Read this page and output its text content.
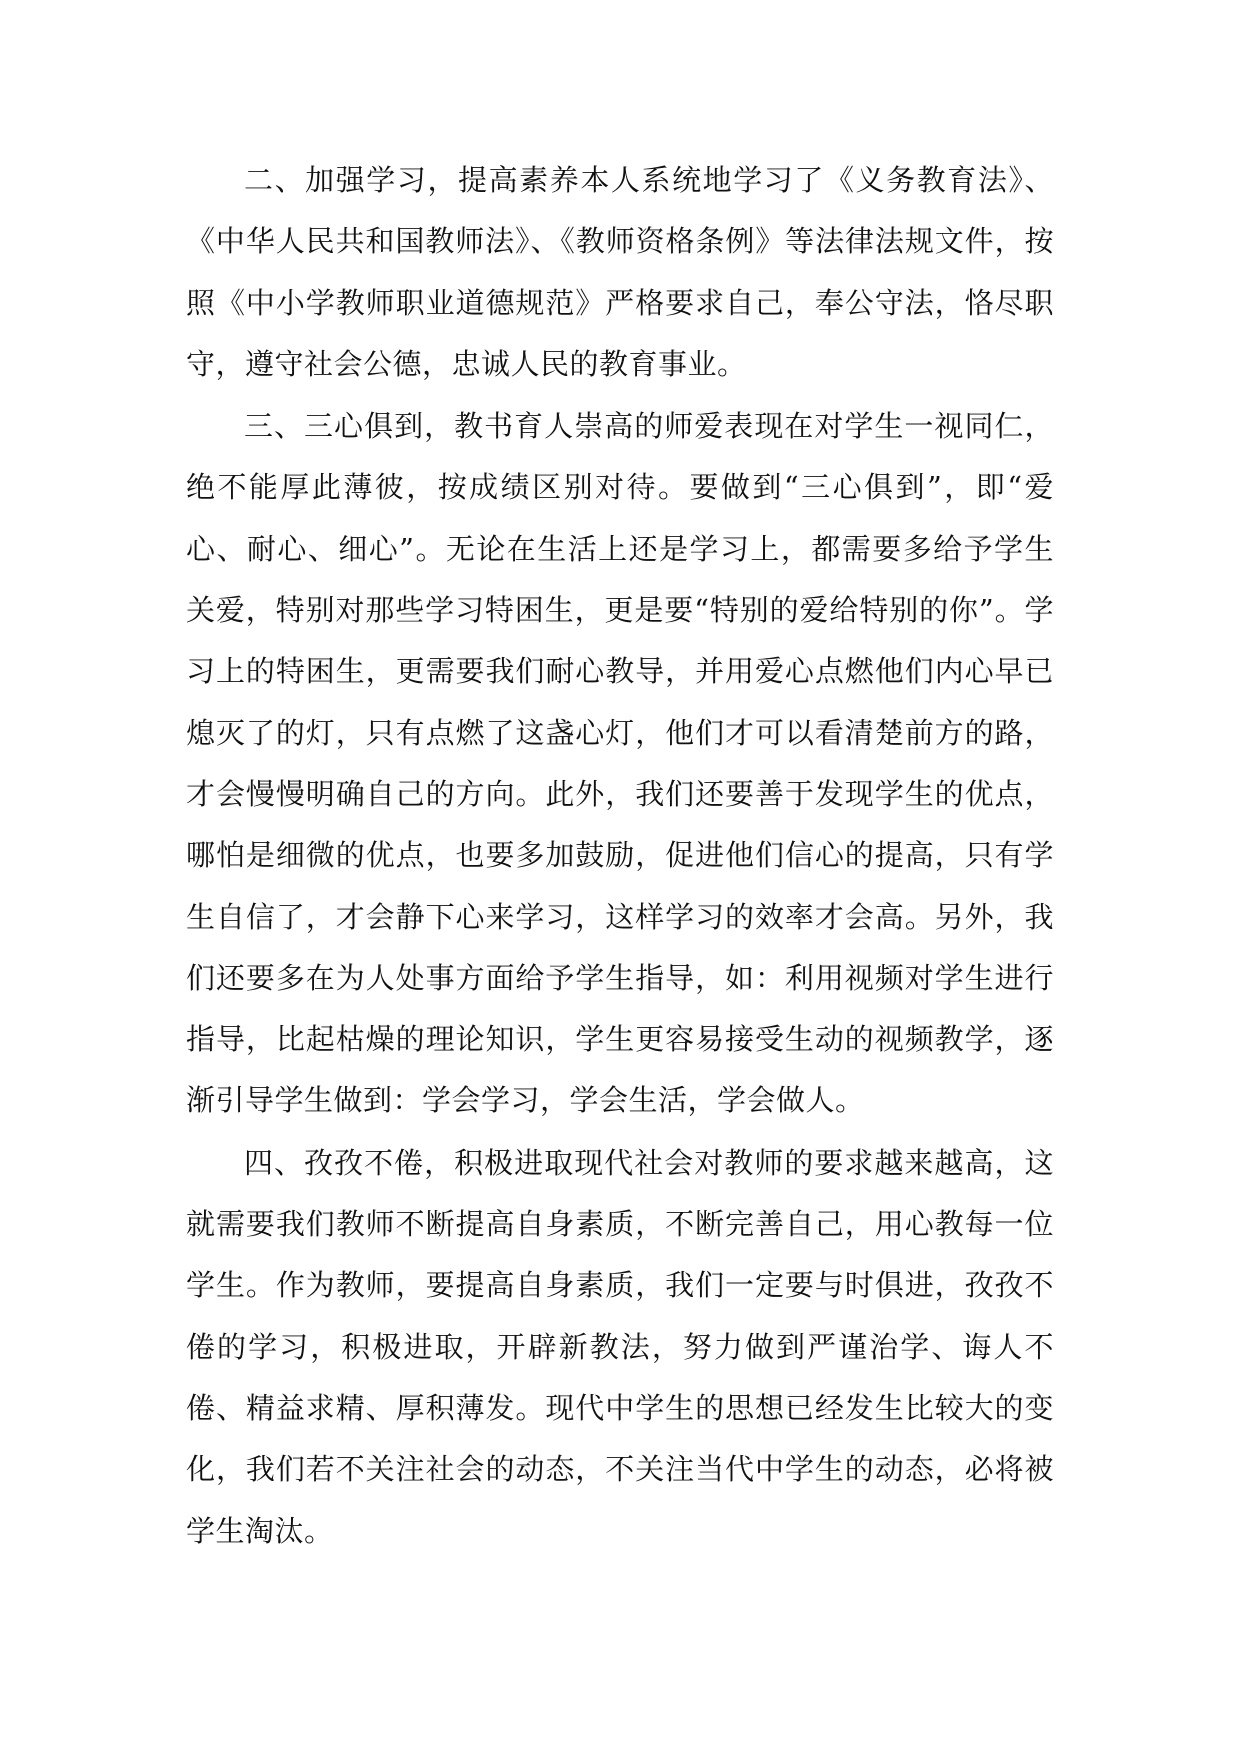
二、加强学习，提高素养本人系统地学习了《义务教育法》、《中华人民共和国教师法》、《教师资格条例》等法律法规文件，按照《中小学教师职业道德规范》严格要求自己，奉公守法，恪尽职守，遵守社会公德，忠诚人民的教育事业。

三、三心俱到，教书育人崇高的师爱表现在对学生一视同仁，绝不能厚此薄彼，按成绩区别对待。要做到“三心俱到”，即“爱心、耐心、细心”。无论在生活上还是学习上，都需要多给予学生关爱，特别对那些学习特困生，更是要“特别的爱给特别的你”。学习上的特困生，更需要我们耐心教导，并用爱心点燃他们内心早已熄灭了的灯，只有点燃了这盏心灯，他们才可以看清楚前方的路，才会慢慢明确自己的方向。此外，我们还要善于发现学生的优点，哪怕是细微的优点，也要多加鼓励，促进他们信心的提高，只有学生自信了，才会静下心来学习，这样学习的效率才会高。另外，我们还要多在为人处事方面给予学生指导，如：利用视频对学生进行指导，比起枯燥的理论知识，学生更容易接受生动的视频教学，逐渐引导学生做到：学会学习，学会生活，学会做人。

四、孜孜不倦，积极进取现代社会对教师的要求越来越高，这就需要我们教师不断提高自身素质，不断完善自己，用心教每一位学生。作为教师，要提高自身素质，我们一定要与时俱进，孜孜不倦的学习，积极进取，开辟新教法，努力做到严谨治学、诲人不倦、精益求精、厚积薄发。现代中学生的思想已经发生比较大的变化，我们若不关注社会的动态，不关注当代中学生的动态，必将被学生淘汰。
